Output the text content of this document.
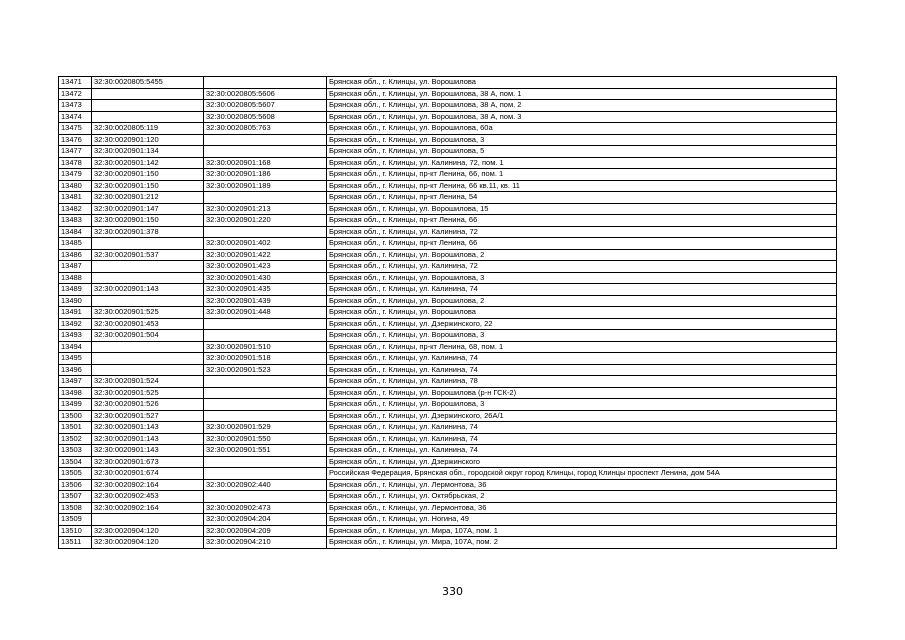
13471	32:30:0020805:5455		Брянская обл., г. Клинцы, ул. Ворошилова
13472		32:30:0020805:5606	Брянская обл., г. Клинцы, ул. Ворошилова, 38 А, пом. 1
13473		32:30:0020805:5607	Брянская обл., г. Клинцы, ул. Ворошилова, 38 А, пом. 2
13474		32:30:0020805:5608	Брянская обл., г. Клинцы, ул. Ворошилова, 38 А, пом. 3
13475	32:30:0020805:119	32:30:0020805:763	Брянская обл., г. Клинцы, ул. Ворошилова, 60а
13476	32:30:0020901:120		Брянская обл., г. Клинцы, ул. Ворошилова, 3
13477	32:30:0020901:134		Брянская обл., г. Клинцы, ул. Ворошилова, 5
13478	32:30:0020901:142	32:30:0020901:168	Брянская обл., г. Клинцы, ул. Калинина, 72, пом. 1
13479	32:30:0020901:150	32:30:0020901:186	Брянская обл., г. Клинцы, пр-кт Ленина, 66, пом. 1
13480	32:30:0020901:150	32:30:0020901:189	Брянская обл., г. Клинцы, пр-кт Ленина, 66 кв.11, кв. 11
13481	32:30:0020901:212		Брянская обл., г. Клинцы, пр-кт Ленина, 54
13482	32:30:0020901:147	32:30:0020901:213	Брянская обл., г. Клинцы, ул. Ворошилова, 15
13483	32:30:0020901:150	32:30:0020901:220	Брянская обл., г. Клинцы, пр-кт Ленина, 66
13484	32:30:0020901:378		Брянская обл., г. Клинцы, ул. Калинина, 72
13485		32:30:0020901:402	Брянская обл., г. Клинцы, пр-кт Ленина, 66
13486	32:30:0020901:537	32:30:0020901:422	Брянская обл., г. Клинцы, ул. Ворошилова, 2
13487		32:30:0020901:423	Брянская обл., г. Клинцы, ул. Калинина, 72
13488		32:30:0020901:430	Брянская обл., г. Клинцы, ул. Ворошилова, 3
13489	32:30:0020901:143	32:30:0020901:435	Брянская обл., г. Клинцы, ул. Калинина, 74
13490		32:30:0020901:439	Брянская обл., г. Клинцы, ул. Ворошилова, 2
13491	32:30:0020901:525	32:30:0020901:448	Брянская обл., г. Клинцы, ул. Ворошилова
13492	32:30:0020901:453		Брянская обл., г. Клинцы, ул. Дзержинского, 22
13493	32:30:0020901:504		Брянская обл., г. Клинцы, ул. Ворошилова, 3
13494		32:30:0020901:510	Брянская обл., г. Клинцы, пр-кт Ленина, 68, пом. 1
13495		32:30:0020901:518	Брянская обл., г. Клинцы, ул. Калинина, 74
13496		32:30:0020901:523	Брянская обл., г. Клинцы, ул. Калинина, 74
13497	32:30:0020901:524		Брянская обл., г. Клинцы, ул. Калинина, 78
13498	32:30:0020901:525		Брянская обл., г. Клинцы, ул. Ворошилова (р-н ГСК-2)
13499	32:30:0020901:526		Брянская обл., г. Клинцы, ул. Ворошилова, 3
13500	32:30:0020901:527		Брянская обл., г. Клинцы, ул. Дзержинского, 26А/1
13501	32:30:0020901:143	32:30:0020901:529	Брянская обл., г. Клинцы, ул. Калинина, 74
13502	32:30:0020901:143	32:30:0020901:550	Брянская обл., г. Клинцы, ул. Калинина, 74
13503	32:30:0020901:143	32:30:0020901:551	Брянская обл., г. Клинцы, ул. Калинина, 74
13504	32:30:0020901:673		Брянская обл., г. Клинцы, ул. Дзержинского
13505	32:30:0020901:674		Российская Федерация, Брянская обл., городской округ город Клинцы, город Клинцы проспект Ленина, дом 54А
13506	32:30:0020902:164	32:30:0020902:440	Брянская обл., г. Клинцы, ул. Лермонтова, 36
13507	32:30:0020902:453		Брянская обл., г. Клинцы, ул. Октябрьская, 2
13508	32:30:0020902:164	32:30:0020902:473	Брянская обл., г. Клинцы, ул. Лермонтова, 36
13509		32:30:0020904:204	Брянская обл., г. Клинцы, ул. Ногина, 49
13510	32:30:0020904:120	32:30:0020904:209	Брянская обл., г. Клинцы, ул. Мира, 107А, пом. 1
13511	32:30:0020904:120	32:30:0020904:210	Брянская обл., г. Клинцы, ул. Мира, 107А, пом. 2
330
